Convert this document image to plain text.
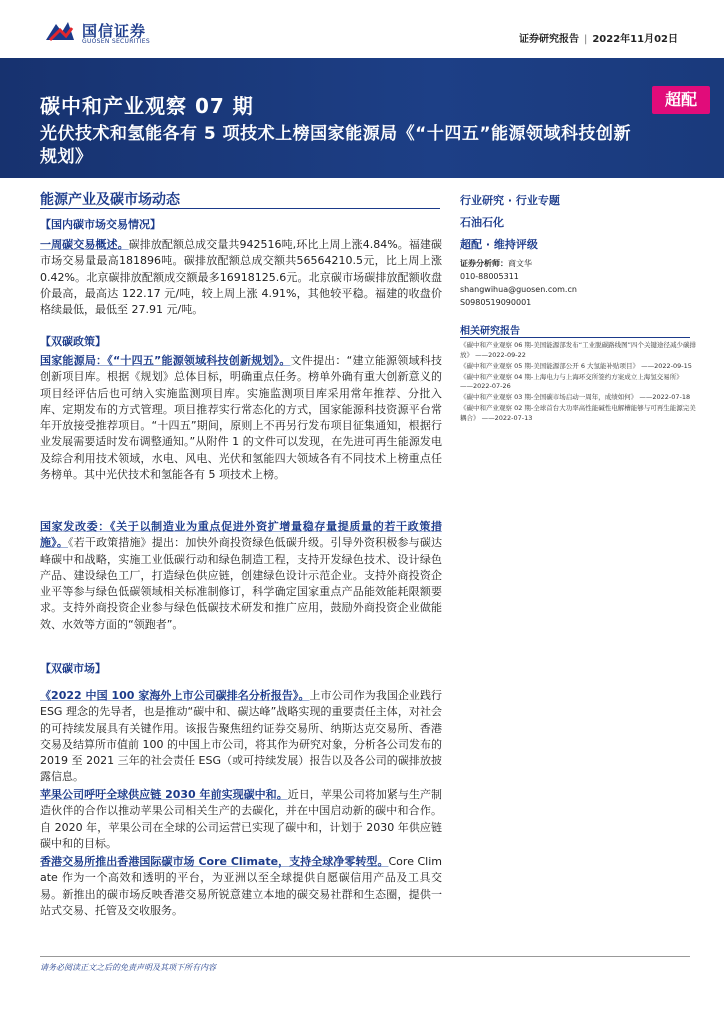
国信证券
GUOSEN SECURITIES	证券研究报告 | 2022年11月02日
碳中和产业观察 07 期
光伏技术和氢能各有 5 项技术上榜国家能源局《“十四五”能源领域科技创新规划》
超配
能源产业及碳市场动态
【国内碳市场交易情况】
一周碳交易概述。碳排放配额总成交量共942516吨,环比上周上涨4.84%。福建碳市场交易量最高181896吨。碳排放配额总成交额共56564210.5元，比上周上涨0.42%。北京碳排放配额成交额最多16918125.6元。北京碳市场碳排放配额收盘价最高，最高达 122.17 元/吨，较上周上涨 4.91%，其他较平稳。福建的收盘价格续最低，最低至 27.91 元/吨。
【双碳政策】
国家能源局：《“十四五”能源领域科技创新规划》。文件提出：“建立能源领域科技创新项目库。根据《规划》总体目标，明确重点任务。榜单外确有重大创新意义的项目经评估后也可纳入实施监测项目库。实施监测项目库采用常年推荐、分批入库、定期发布的方式管理。项目推荐实行常态化的方式，国家能源科技资源平台常年开放接受推荐项目。“十四五”期间，原则上不再另行发布项目征集通知，根据行业发展需要适时发布调整通知。”从附件 1 的文件可以发现，在先进可再生能源发电及综合利用技术领域，水电、风电、光伏和氢能四大领域各有不同技术上榜重点任务榜单。其中光伏技术和氢能各有 5 项技术上榜。
国家发改委：《关于以制造业为重点促进外资扩增量稳存量提质量的若干政策措施》。《若干政策措施》提出：加快外商投资绿色低碳升级。引导外资积极参与碳达峰碳中和战略，实施工业低碳行动和绿色制造工程，支持开发绿色技术、设计绿色产品、建设绿色工厂，打造绿色供应链，创建绿色设计示范企业。支持外商投资企业平等参与绿色低碳领域相关标准制修订，科学确定国家重点产品能效能耗限额要求。支持外商投资企业参与绿色低碳技术研发和推广应用，鼓励外商投资企业做能效、水效等方面的“领跑者”。
【双碳市场】
《2022 中国 100 家海外上市公司碳排名分析报告》。上市公司作为我国企业践行 ESG 理念的先导者，也是推动“碳中和、碳达峰”战略实现的重要责任主体，对社会的可持续发展具有关键作用。该报告聚焦纽约证券交易所、纳斯达克交易所、香港交易及结算所市值前 100 的中国上市公司，将其作为研究对象，分析各公司发布的 2019 至 2021 三年的社会责任 ESG（或可持续发展）报告以及各公司的碳排放披露信息。
苹果公司呼吁全球供应链 2030 年前实现碳中和。近日，苹果公司将加紧与生产制造伙伴的合作以推动苹果公司相关生产的去碳化，并在中国启动新的碳中和合作。自 2020 年，苹果公司在全球的公司运营已实现了碳中和，计划于 2030 年供应链碳中和的目标。
香港交易所推出香港国际碳市场 Core Climate，支持全球净零转型。Core Climate 作为一个高效和透明的平台，为亚洲以至全球提供自愿碳信用产品及工具交易。新推出的碳市场反映香港交易所锐意建立本地的碳交易社群和生态圈，提供一站式交易、托管及交收服务。
行业研究 · 行业专题
石油石化
超配 · 维持评级
证券分析师：商文华
010-88005311
shangwihua@guosen.com.cn
S0980519090001
相关研究报告
《碳中和产业观察 06 期-美国能源部发布“工业脱碳路线图”四个关键途径减少碳排放》 ——2022-09-22
《碳中和产业观察 05 期-美国能源部公开 6 大氢能补贴项目》 ——2022-09-15
《碳中和产业观察 04 期-上海电力与上海环交所签约方案成立上海氢交易所》 ——2022-07-26
《碳中和产业观察 03 期-全国碳市场启动一周年，成绩如何》 ——2022-07-18
《碳中和产业观察 02 期-全球首台大功率高性能碱性电解槽能够与可再生能源完美耦合》 ——2022-07-13
请务必阅读正文之后的免责声明及其项下所有内容
